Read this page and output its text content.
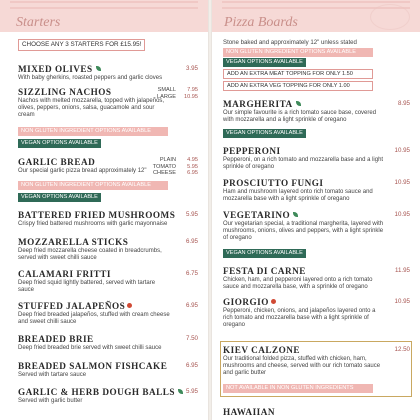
Starters
CHOOSE ANY 3 STARTERS FOR £15.95!
MIXED OLIVES	3.95
With baby gherkins, roasted peppers and garlic cloves
SIZZLING NACHOS	SMALL	7.95
LARGE	10.95
Nachos with melted mozzarella, topped with jalapeños, olives, peppers, onions, salsa, guacamole and sour cream
NON GLUTEN INGREDIENT OPTIONS AVAILABLE
VEGAN OPTIONS AVAILABLE
GARLIC BREAD	PLAIN	4.95
TOMATO	5.95
CHEESE	6.95
Our special garlic pizza bread approximately 12"
NON GLUTEN INGREDIENT OPTIONS AVAILABLE
VEGAN OPTIONS AVAILABLE
BATTERED FRIED MUSHROOMS	5.95
Crispy fried battered mushrooms with garlic mayonnaise
MOZZARELLA STICKS	6.95
Deep fried mozzarella cheese coated in breadcrumbs, served with sweet chilli sauce
CALAMARI FRITTI	6.75
Deep fried squid lightly battered, served with tartare sauce
STUFFED JALAPEÑOS	6.95
Deep fried breaded jalapeños, stuffed with cream cheese and sweet chilli sauce
BREADED BRIE	7.50
Deep fried breaded brie served with sweet chilli sauce
BREADED SALMON FISHCAKE	6.95
Served with tartare sauce
GARLIC & HERB DOUGH BALLS	5.95
Served with garlic butter
Pizza Boards
Stone baked and approximately 12" unless stated
NON GLUTEN INGREDIENT OPTIONS AVAILABLE
VEGAN OPTIONS AVAILABLE
ADD AN EXTRA MEAT TOPPING FOR ONLY 1.50
ADD AN EXTRA VEG TOPPING FOR ONLY 1.00
MARGHERITA	8.95
Our simple favourite is a rich tomato sauce base, covered with mozzarella and a light sprinkle of oregano
VEGAN OPTIONS AVAILABLE
PEPPERONI	10.95
Pepperoni, on a rich tomato and mozzarella base and a light sprinkle of oregano
PROSCIUTTO FUNGI	10.95
Ham and mushroom layered onto rich tomato sauce and mozzarella base with a light sprinkle of oregano
VEGETARINO	10.95
Our vegetarian special, a traditional margherita, layered with mushrooms, onions, olives and peppers, with a light sprinkle of oregano
VEGAN OPTIONS AVAILABLE
FESTA DI CARNE	11.95
Chicken, ham, and pepperoni layered onto a rich tomato sauce and mozzarella base, with a sprinkle of oregano
GIORGIO	10.95
Pepperoni, chicken, onions, and jalapeños layered onto a rich tomato and mozzarella base with a light sprinkle of oregano
KIEV CALZONE	12.50
Our traditional folded pizza, stuffed with chicken, ham, mushrooms and cheese, served with our rich tomato sauce and garlic butter
NOT AVAILABLE IN NON GLUTEN INGREDIENTS
HAWAIIAN
